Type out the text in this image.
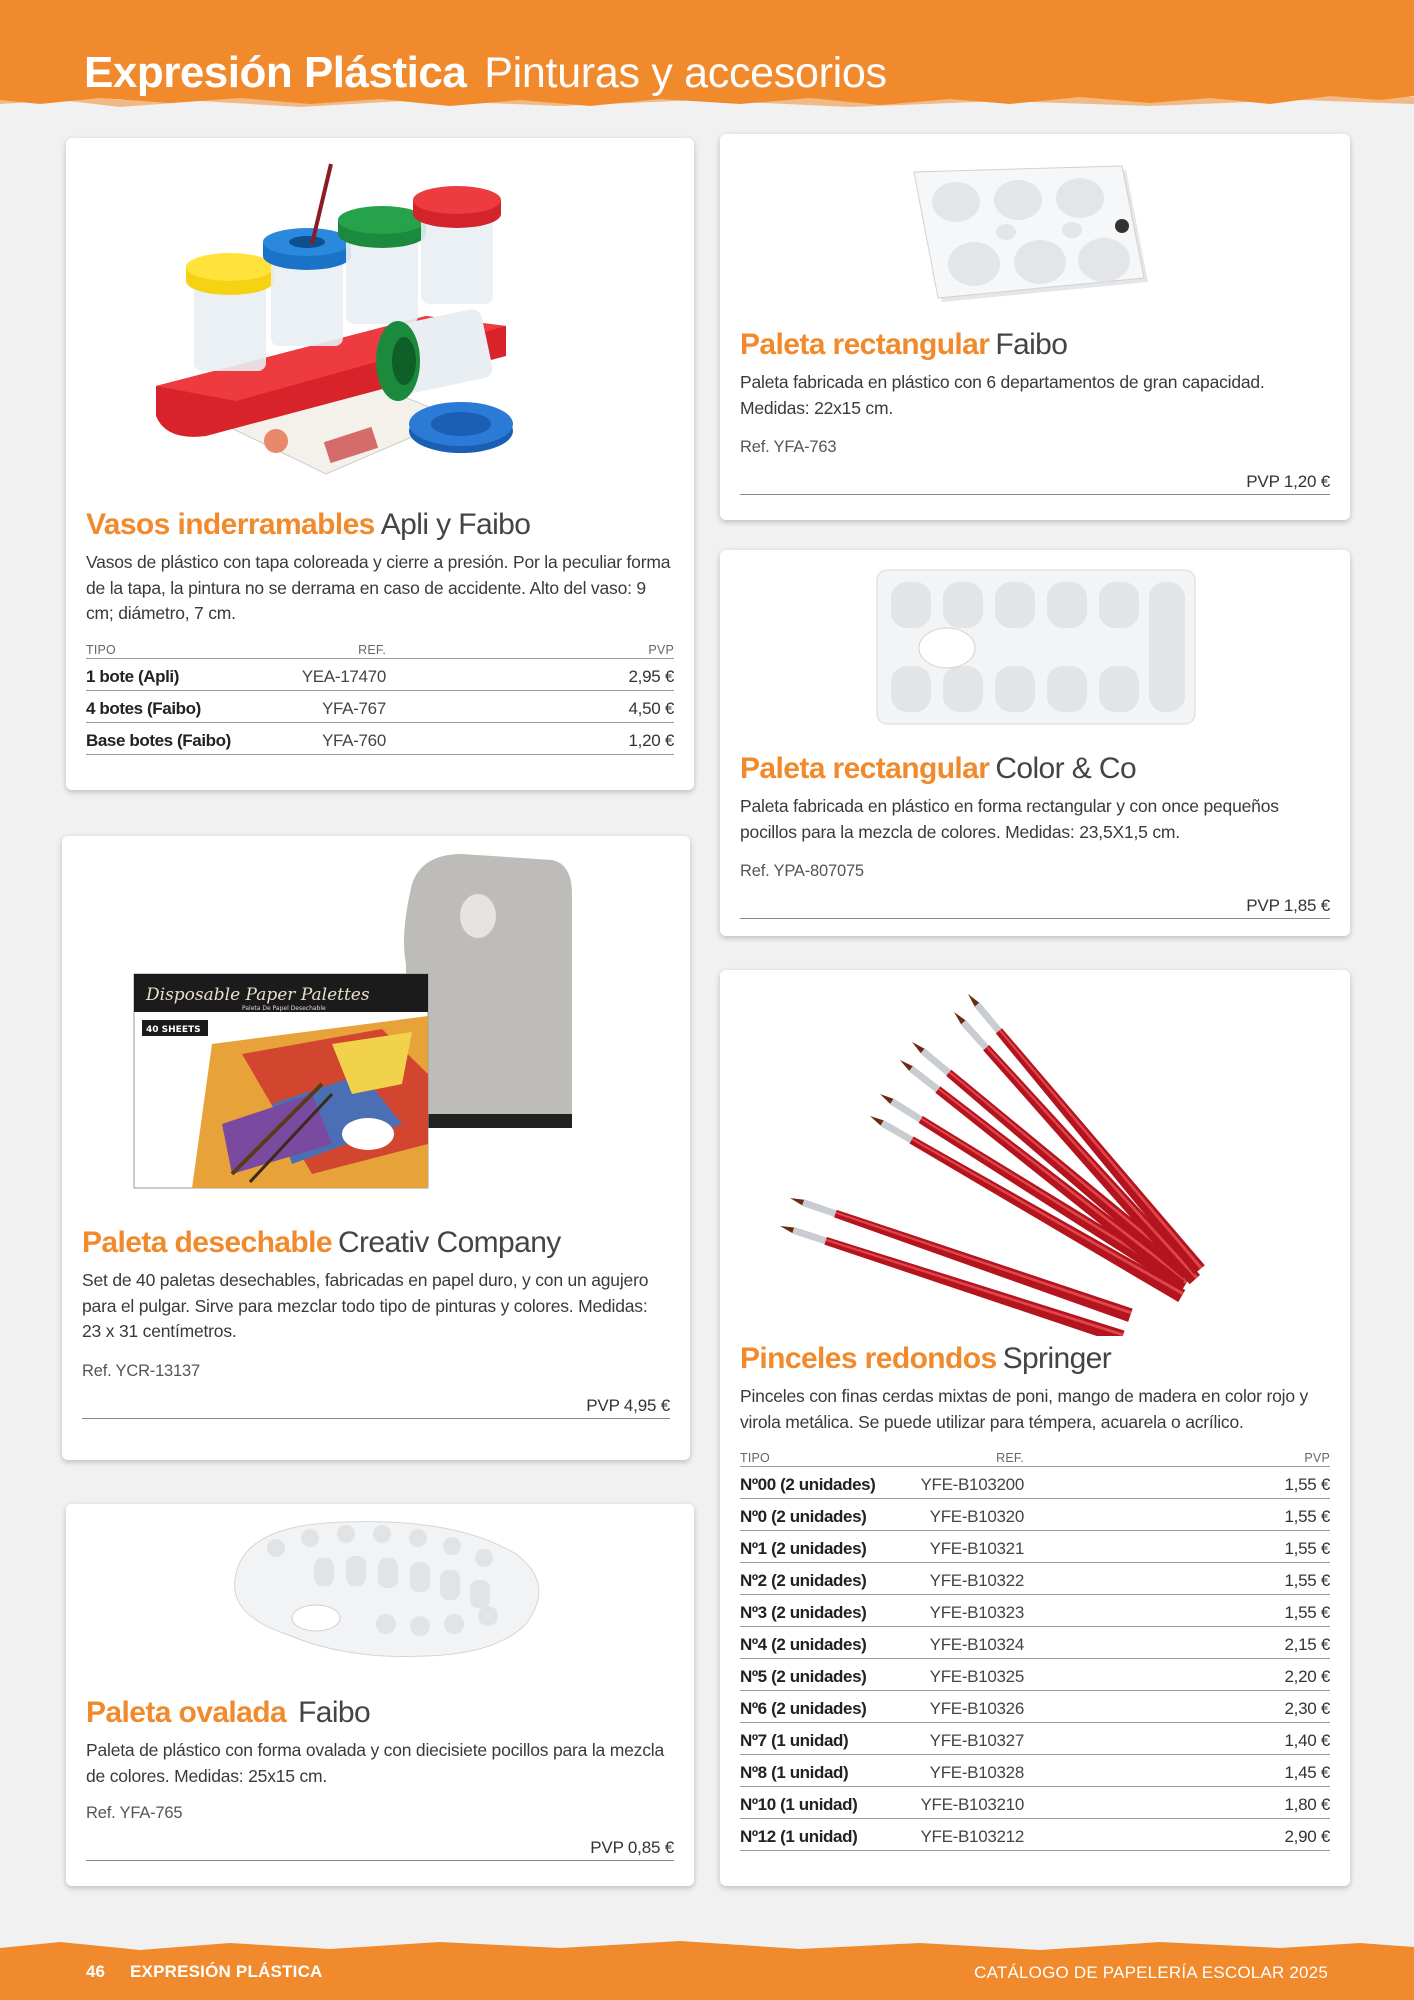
Expresión Plástica Pinturas y accesorios
Vasos inderramables Apli y Faibo
Vasos de plástico con tapa coloreada y cierre a presión. Por la peculiar forma de la tapa, la pintura no se derrama en caso de accidente. Alto del vaso: 9 cm; diámetro, 7 cm.
TIPO	REF.	PVP
1 bote (Apli)	YEA-17470	2,95 €
4 botes (Faibo)	YFA-767	4,50 €
Base botes (Faibo)	YFA-760	1,20 €
Paleta rectangular Faibo
Paleta fabricada en plástico con 6 departamentos de gran capacidad. Medidas: 22x15 cm.
Ref. YFA-763
PVP 1,20 €
Paleta rectangular Color & Co
Paleta fabricada en plástico en forma rectangular y con once pequeños pocillos para la mezcla de colores. Medidas: 23,5X1,5 cm.
Ref. YPA-807075
PVP 1,85 €
Disposable Paper Palettes
Paleta De Papel Desechable
40 SHEETS
Paleta desechable Creativ Company
Set de 40 paletas desechables, fabricadas en papel duro, y con un agujero para el pulgar. Sirve para mezclar todo tipo de pinturas y colores. Medidas: 23 x 31 centímetros.
Ref. YCR-13137
PVP 4,95 €
Paleta ovalada Faibo
Paleta de plástico con forma ovalada y con diecisiete pocillos para la mezcla de colores. Medidas: 25x15 cm.
Ref. YFA-765
PVP 0,85 €
Pinceles redondos Springer
Pinceles con finas cerdas mixtas de poni, mango de madera en color rojo y virola metálica. Se puede utilizar para témpera, acuarela o acrílico.
TIPO	REF.	PVP
Nº00 (2 unidades)	YFE-B103200	1,55 €
Nº0 (2 unidades)	YFE-B10320	1,55 €
Nº1 (2 unidades)	YFE-B10321	1,55 €
Nº2 (2 unidades)	YFE-B10322	1,55 €
Nº3 (2 unidades)	YFE-B10323	1,55 €
Nº4 (2 unidades)	YFE-B10324	2,15 €
Nº5 (2 unidades)	YFE-B10325	2,20 €
Nº6 (2 unidades)	YFE-B10326	2,30 €
Nº7 (1 unidad)	YFE-B10327	1,40 €
Nº8 (1 unidad)	YFE-B10328	1,45 €
Nº10 (1 unidad)	YFE-B103210	1,80 €
Nº12 (1 unidad)	YFE-B103212	2,90 €
46 EXPRESIÓN PLÁSTICA	CATÁLOGO DE PAPELERÍA ESCOLAR 2025
